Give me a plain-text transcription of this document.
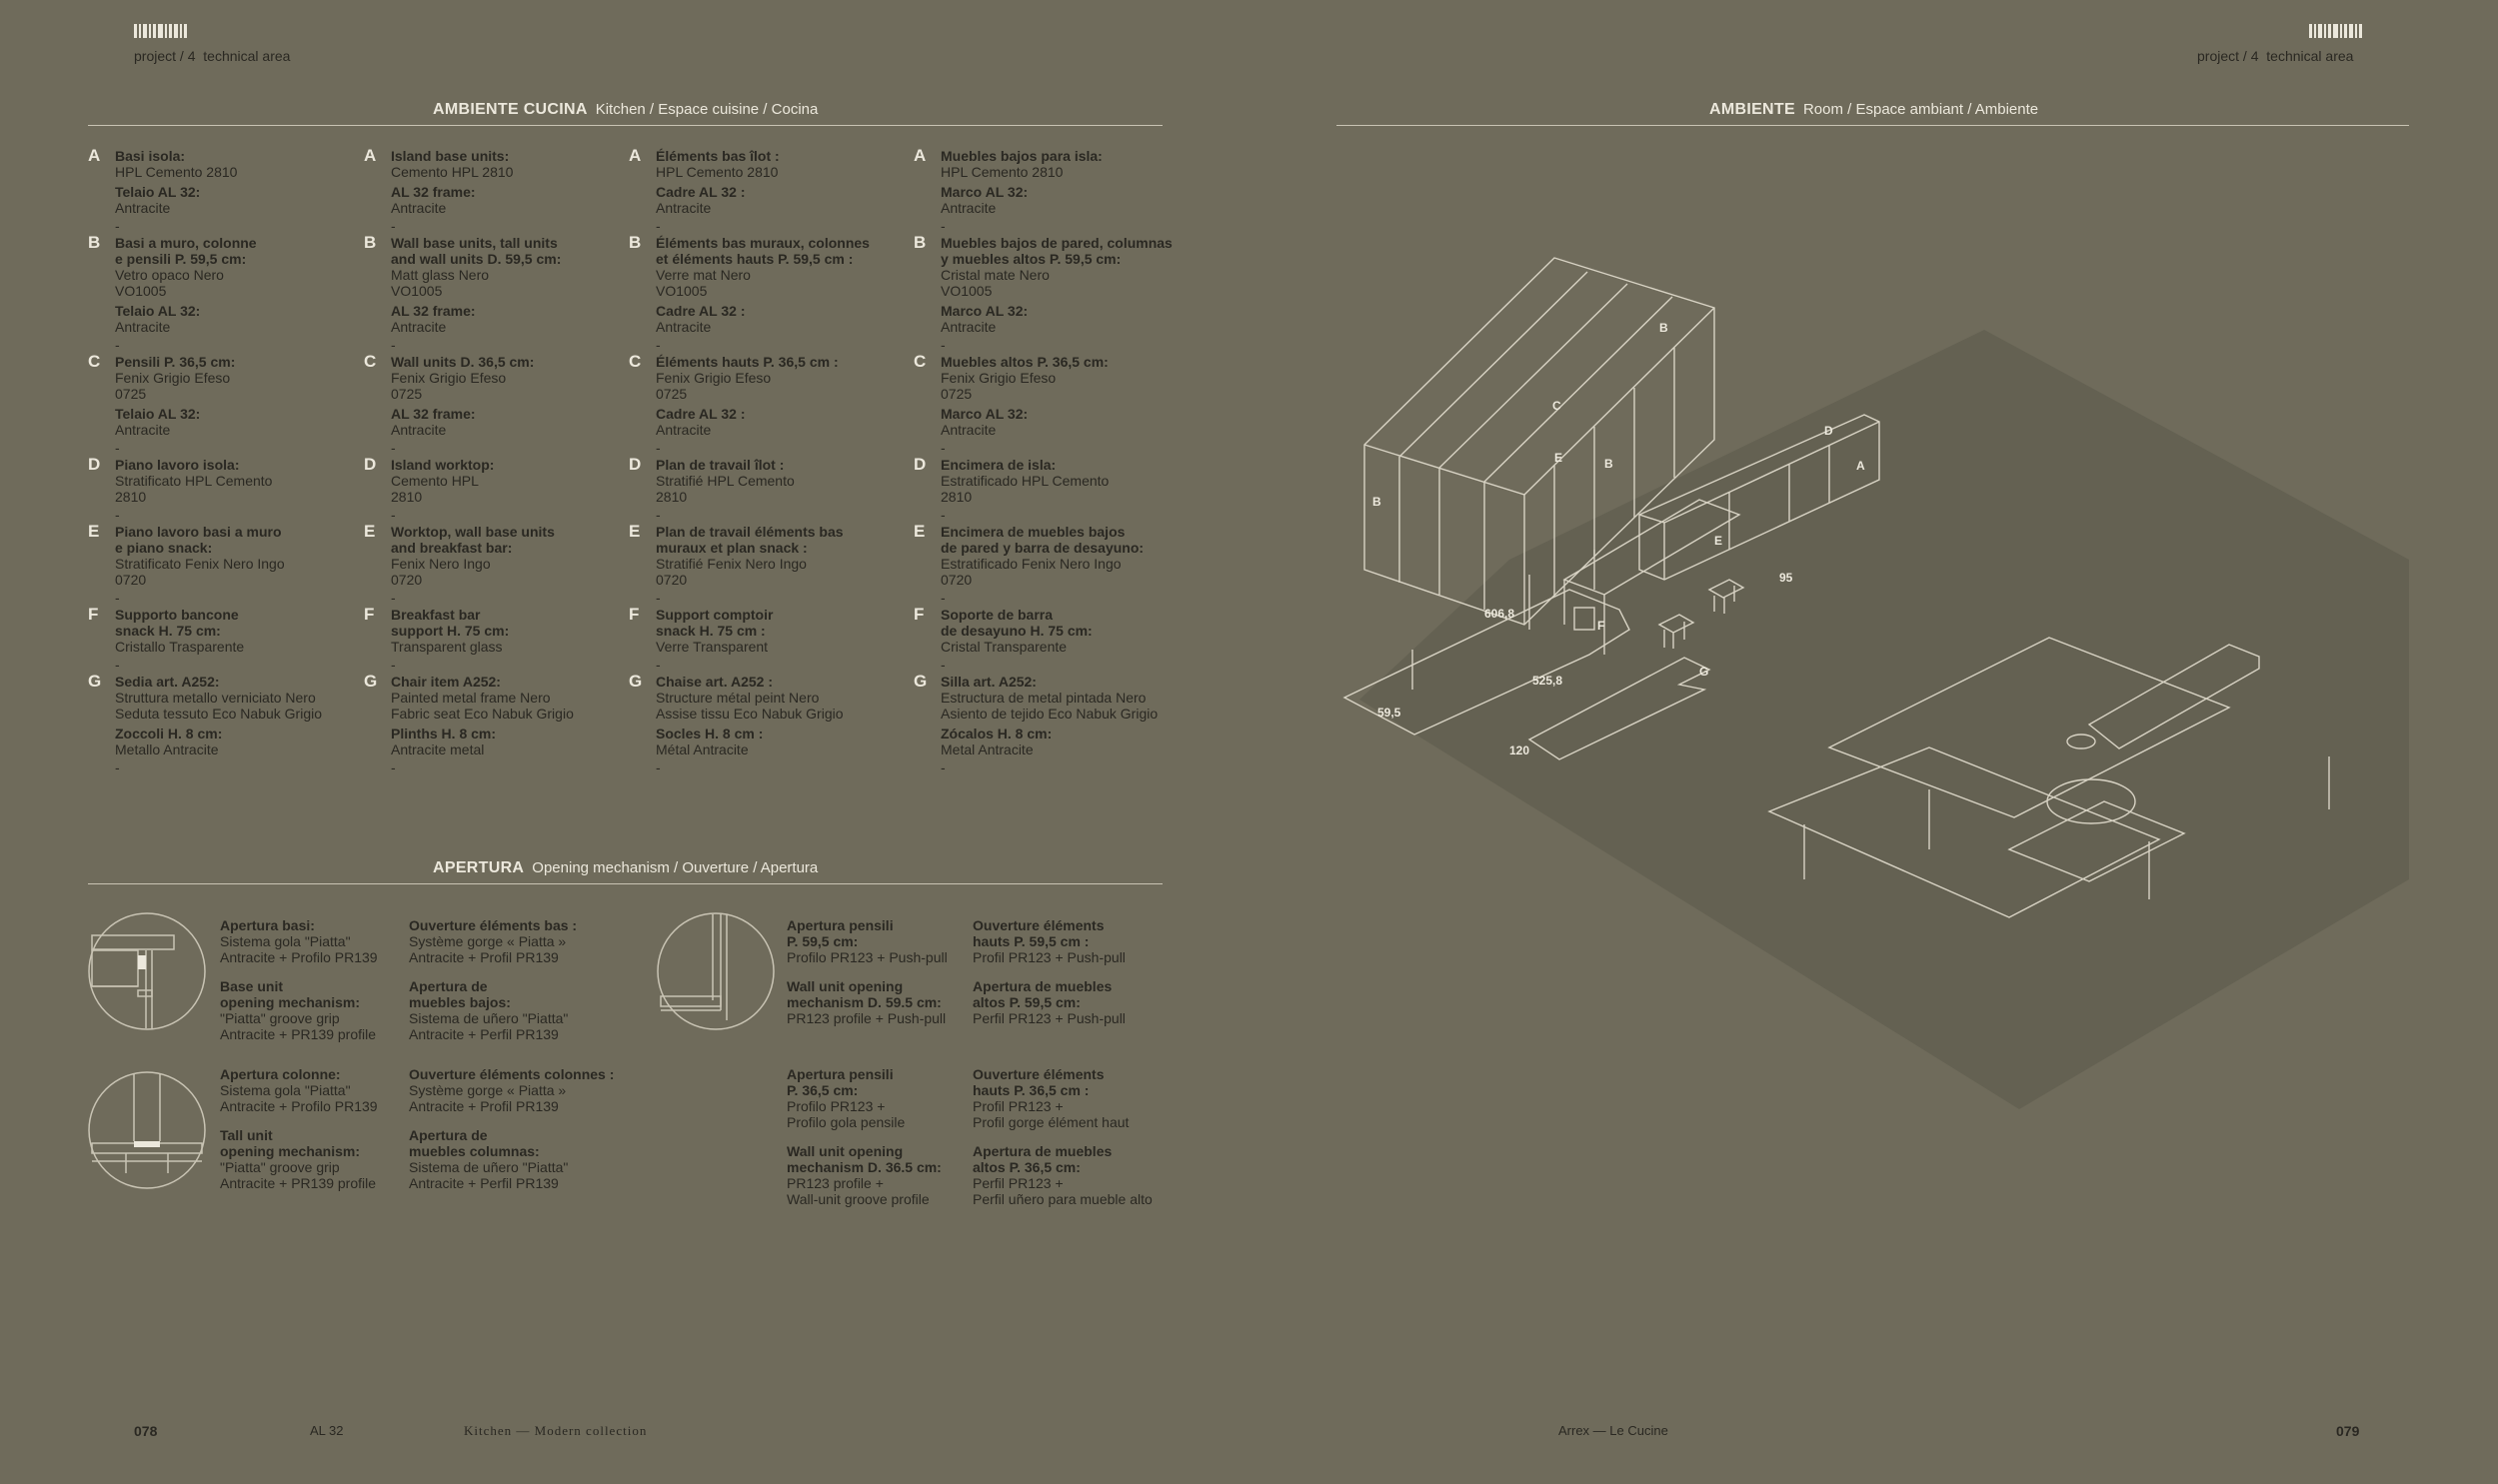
project / 4 technical area	project / 4 technical area
AMBIENTE CUCINA Kitchen / Espace cuisine / Cocina
A Basi isola:
HPL Cemento 2810
Telaio AL 32:
Antracite
-
B Basi a muro, colonne
e pensili P. 59,5 cm:
Vetro opaco Nero
VO1005
Telaio AL 32:
Antracite
-
C Pensili P. 36,5 cm:
Fenix Grigio Efeso
0725
Telaio AL 32:
Antracite
-
D Piano lavoro isola:
Stratificato HPL Cemento
2810
-
E Piano lavoro basi a muro
e piano snack:
Stratificato Fenix Nero Ingo
0720
-
F Supporto bancone
snack H. 75 cm:
Cristallo Trasparente
-
G Sedia art. A252:
Struttura metallo verniciato Nero
Seduta tessuto Eco Nabuk Grigio
Zoccoli H. 8 cm:
Metallo Antracite
-
A Island base units:
Cemento HPL 2810
AL 32 frame:
Antracite
-
B Wall base units, tall units
and wall units D. 59,5 cm:
Matt glass Nero
VO1005
AL 32 frame:
Antracite
-
C Wall units D. 36,5 cm:
Fenix Grigio Efeso
0725
AL 32 frame:
Antracite
-
D Island worktop:
Cemento HPL
2810
-
E Worktop, wall base units
and breakfast bar:
Fenix Nero Ingo
0720
-
F Breakfast bar
support H. 75 cm:
Transparent glass
-
G Chair item A252:
Painted metal frame Nero
Fabric seat Eco Nabuk Grigio
Plinths H. 8 cm:
Antracite metal
-
A Éléments bas îlot :
HPL Cemento 2810
Cadre AL 32 :
Antracite
-
B Éléments bas muraux, colonnes
et éléments hauts P. 59,5 cm :
Verre mat Nero
VO1005
Cadre AL 32 :
Antracite
-
C Éléments hauts P. 36,5 cm :
Fenix Grigio Efeso
0725
Cadre AL 32 :
Antracite
-
D Plan de travail îlot :
Stratifié HPL Cemento
2810
-
E Plan de travail éléments bas
muraux et plan snack :
Stratifié Fenix Nero Ingo
0720
-
F Support comptoir
snack H. 75 cm :
Verre Transparent
-
G Chaise art. A252 :
Structure métal peint Nero
Assise tissu Eco Nabuk Grigio
Socles H. 8 cm :
Métal Antracite
-
A Muebles bajos para isla:
HPL Cemento 2810
Marco AL 32:
Antracite
-
B Muebles bajos de pared, columnas
y muebles altos P. 59,5 cm:
Cristal mate Nero
VO1005
Marco AL 32:
Antracite
-
C Muebles altos P. 36,5 cm:
Fenix Grigio Efeso
0725
Marco AL 32:
Antracite
-
D Encimera de isla:
Estratificado HPL Cemento
2810
-
E Encimera de muebles bajos
de pared y barra de desayuno:
Estratificado Fenix Nero Ingo
0720
-
F Soporte de barra
de desayuno H. 75 cm:
Cristal Transparente
-
G Silla art. A252:
Estructura de metal pintada Nero
Asiento de tejido Eco Nabuk Grigio
Zócalos H. 8 cm:
Metal Antracite
-
APERTURA Opening mechanism / Ouverture / Apertura
Apertura basi:
Sistema gola "Piatta"
Antracite + Profilo PR139
Base unit
opening mechanism:
"Piatta" groove grip
Antracite + PR139 profile
Ouverture éléments bas :
Système gorge « Piatta »
Antracite + Profil PR139
Apertura de
muebles bajos:
Sistema de uñero "Piatta"
Antracite + Perfil PR139
Apertura colonne:
Sistema gola "Piatta"
Antracite + Profilo PR139
Tall unit
opening mechanism:
"Piatta" groove grip
Antracite + PR139 profile
Ouverture éléments colonnes :
Système gorge « Piatta »
Antracite + Profil PR139
Apertura de
muebles columnas:
Sistema de uñero "Piatta"
Antracite + Perfil PR139
Apertura pensili
P. 59,5 cm:
Profilo PR123 + Push-pull
Wall unit opening
mechanism D. 59.5 cm:
PR123 profile + Push-pull
Ouverture éléments
hauts P. 59,5 cm :
Profil PR123 + Push-pull
Apertura de muebles
altos P. 59,5 cm:
Perfil PR123 + Push-pull
Apertura pensili
P. 36,5 cm:
Profilo PR123 +
Profilo gola pensile
Wall unit opening
mechanism D. 36.5 cm:
PR123 profile +
Wall-unit groove profile
Ouverture éléments
hauts P. 36,5 cm :
Profil PR123 +
Profil gorge élément haut
Apertura de muebles
altos P. 36,5 cm:
Perfil PR123 +
Perfil uñero para mueble alto
AMBIENTE Room / Espace ambiant / Ambiente
B
C
E	B
B
D
A
E
F
G
606,8
525,8
59,5
120
95
078	AL 32	Kitchen — Modern collection	Arrex — Le Cucine	079
